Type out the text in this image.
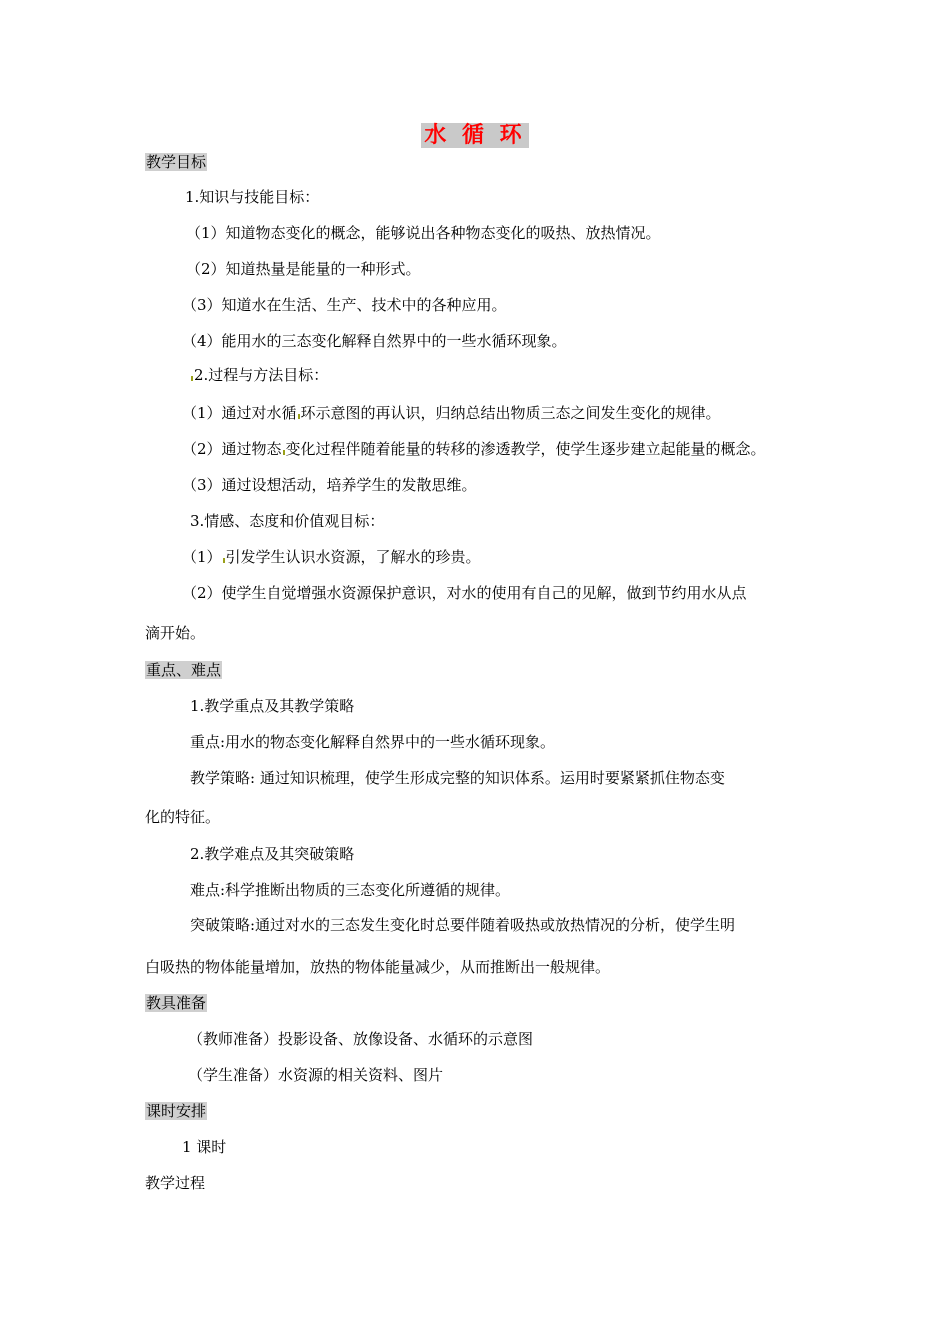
水 循 环
教学目标
1.知识与技能目标：
（1）知道物态变化的概念，能够说出各种物态变化的吸热、放热情况。
（2）知道热量是能量的一种形式。
（3）知道水在生活、生产、技术中的各种应用。
（4）能用水的三态变化解释自然界中的一些水循环现象。
2.过程与方法目标：
（1）通过对水循 环示意图的再认识，归纳总结出物质三态之间发生变化的规律。
（2）通过物态 变化过程伴随着能量的转移的渗透教学，使学生逐步建立起能量的概念。
（3）通过设想活动，培养学生的发散思维。
3.情感、态度和价值观目标：
（1） 引发学生认识水资源，了解水的珍贵。
（2）使学生自觉增强水资源保护意识，对水的使用有自己的见解，做到节约用水从点
滴开始。
重点、难点
1.教学重点及其教学策略
重点:用水的物态变化解释自然界中的一些水循环现象。
教学策略: 通过知识梳理，使学生形成完整的知识体系。运用时要紧紧抓住物态变
化的特征。
2.教学难点及其突破策略
难点:科学推断出物质的三态变化所遵循的规律。
突破策略:通过对水的三态发生变化时总要伴随着吸热或放热情况的分析，使学生明
白吸热的物体能量增加，放热的物体能量减少，从而推断出一般规律。
教具准备
（教师准备）投影设备、放像设备、水循环的示意图
（学生准备）水资源的相关资料、图片
课时安排
1 课时
教学过程
